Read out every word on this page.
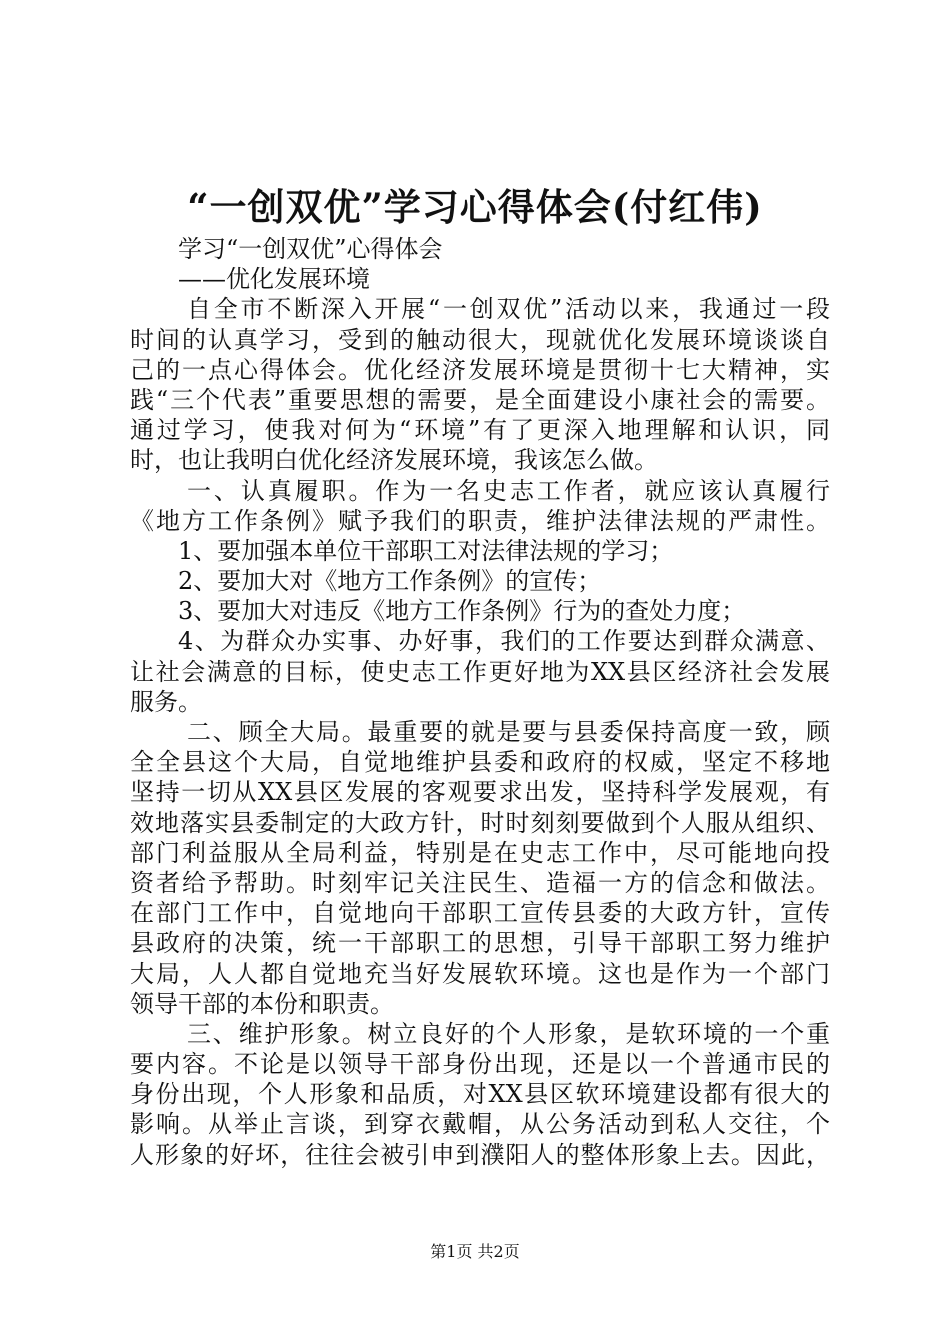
“一创双优”学习心得体会(付红伟)
学习“一创双优”心得体会
——优化发展环境
自全市不断深入开展“一创双优”活动以来，我通过一段
时间的认真学习，受到的触动很大，现就优化发展环境谈谈自
己的一点心得体会。优化经济发展环境是贯彻十七大精神，实
践“三个代表”重要思想的需要，是全面建设小康社会的需要。
通过学习，使我对何为“环境”有了更深入地理解和认识，同
时，也让我明白优化经济发展环境，我该怎么做。
一、认真履职。作为一名史志工作者，就应该认真履行
《地方工作条例》赋予我们的职责，维护法律法规的严肃性。
1、要加强本单位干部职工对法律法规的学习；
2、要加大对《地方工作条例》的宣传；
3、要加大对违反《地方工作条例》行为的查处力度；
4、为群众办实事、办好事，我们的工作要达到群众满意、
让社会满意的目标，使史志工作更好地为XX县区经济社会发展
服务。
二、顾全大局。最重要的就是要与县委保持高度一致，顾
全全县这个大局，自觉地维护县委和政府的权威，坚定不移地
坚持一切从XX县区发展的客观要求出发，坚持科学发展观，有
效地落实县委制定的大政方针，时时刻刻要做到个人服从组织、
部门利益服从全局利益，特别是在史志工作中，尽可能地向投
资者给予帮助。时刻牢记关注民生、造福一方的信念和做法。
在部门工作中，自觉地向干部职工宣传县委的大政方针，宣传
县政府的决策，统一干部职工的思想，引导干部职工努力维护
大局，人人都自觉地充当好发展软环境。这也是作为一个部门
领导干部的本份和职责。
三、维护形象。树立良好的个人形象，是软环境的一个重
要内容。不论是以领导干部身份出现，还是以一个普通市民的
身份出现，个人形象和品质，对XX县区软环境建设都有很大的
影响。从举止言谈，到穿衣戴帽，从公务活动到私人交往，个
人形象的好坏，往往会被引申到濮阳人的整体形象上去。因此，
第1页 共2页
